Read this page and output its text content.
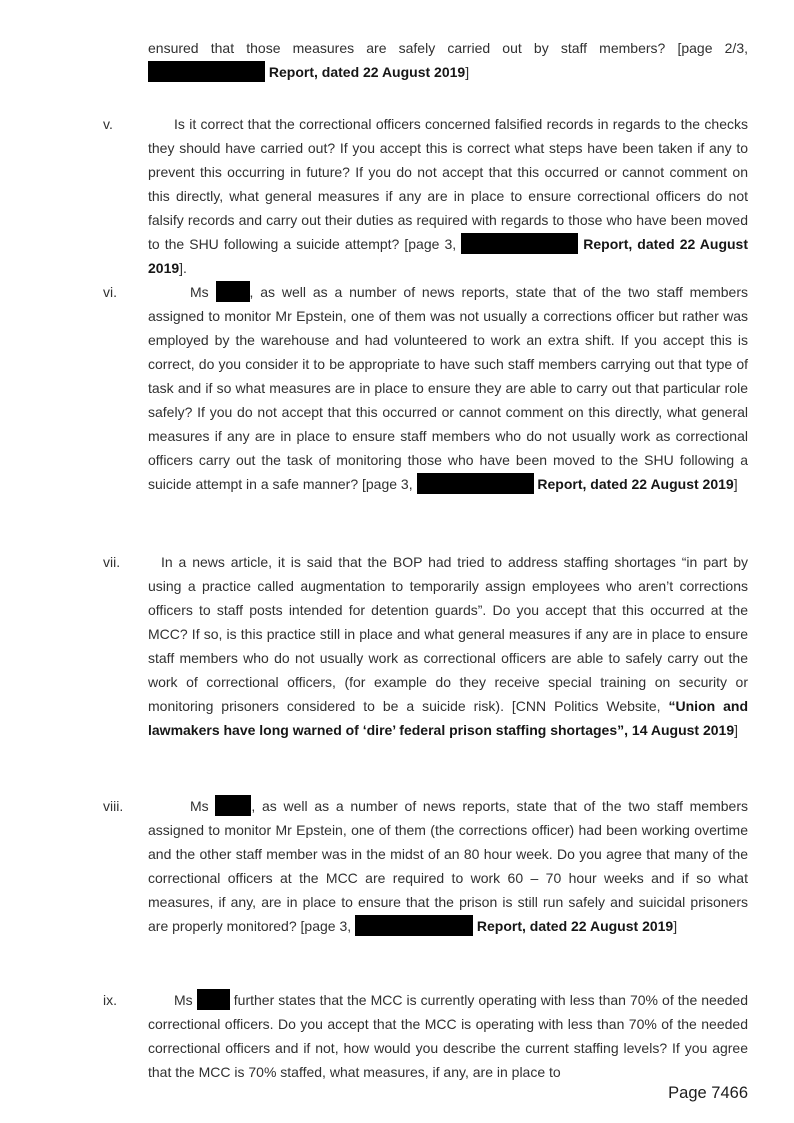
ensured that those measures are safely carried out by staff members? [page 2/3,  Report, dated 22 August 2019]
v.	Is it correct that the correctional officers concerned falsified records in regards to the checks they should have carried out? If you accept this is correct what steps have been taken if any to prevent this occurring in future? If you do not accept that this occurred or cannot comment on this directly, what general measures if any are in place to ensure correctional officers do not falsify records and carry out their duties as required with regards to those who have been moved to the SHU following a suicide attempt? [page 3,	Report, dated 22 August 2019].
vi.	Ms , as well as a number of news reports, state that of the two staff members assigned to monitor Mr Epstein, one of them was not usually a corrections officer but rather was employed by the warehouse and had volunteered to work an extra shift. If you accept this is correct, do you consider it to be appropriate to have such staff members carrying out that type of task and if so what measures are in place to ensure they are able to carry out that particular role safely? If you do not accept that this occurred or cannot comment on this directly, what general measures if any are in place to ensure staff members who do not usually work as correctional officers carry out the task of monitoring those who have been moved to the SHU following a suicide attempt in a safe manner? [page 3,	Report, dated 22 August 2019]
vii.	In a news article, it is said that the BOP had tried to address staffing shortages “in part by using a practice called augmentation to temporarily assign employees who aren’t corrections officers to staff posts intended for detention guards”. Do you accept that this occurred at the MCC? If so, is this practice still in place and what general measures if any are in place to ensure staff members who do not usually work as correctional officers are able to safely carry out the work of correctional officers, (for example do they receive special training on security or monitoring prisoners considered to be a suicide risk). [CNN Politics Website, “Union and lawmakers have long warned of ‘dire’ federal prison staffing shortages”, 14 August 2019]
viii.	Ms	, as well as a number of news reports, state that of the two staff members assigned to monitor Mr Epstein, one of them (the corrections officer) had been working overtime and the other staff member was in the midst of an 80 hour week. Do you agree that many of the correctional officers at the MCC are required to work 60 – 70 hour weeks and if so what measures, if any, are in place to ensure that the prison is still run safely and suicidal prisoners are properly monitored? [page 3,	Report, dated 22 August 2019]
ix.	Ms  further states that the MCC is currently operating with less than 70% of the needed correctional officers. Do you accept that the MCC is operating with less than 70% of the needed correctional officers and if not, how would you describe the current staffing levels? If you agree that the MCC is 70% staffed, what measures, if any, are in place to
Page 7466
